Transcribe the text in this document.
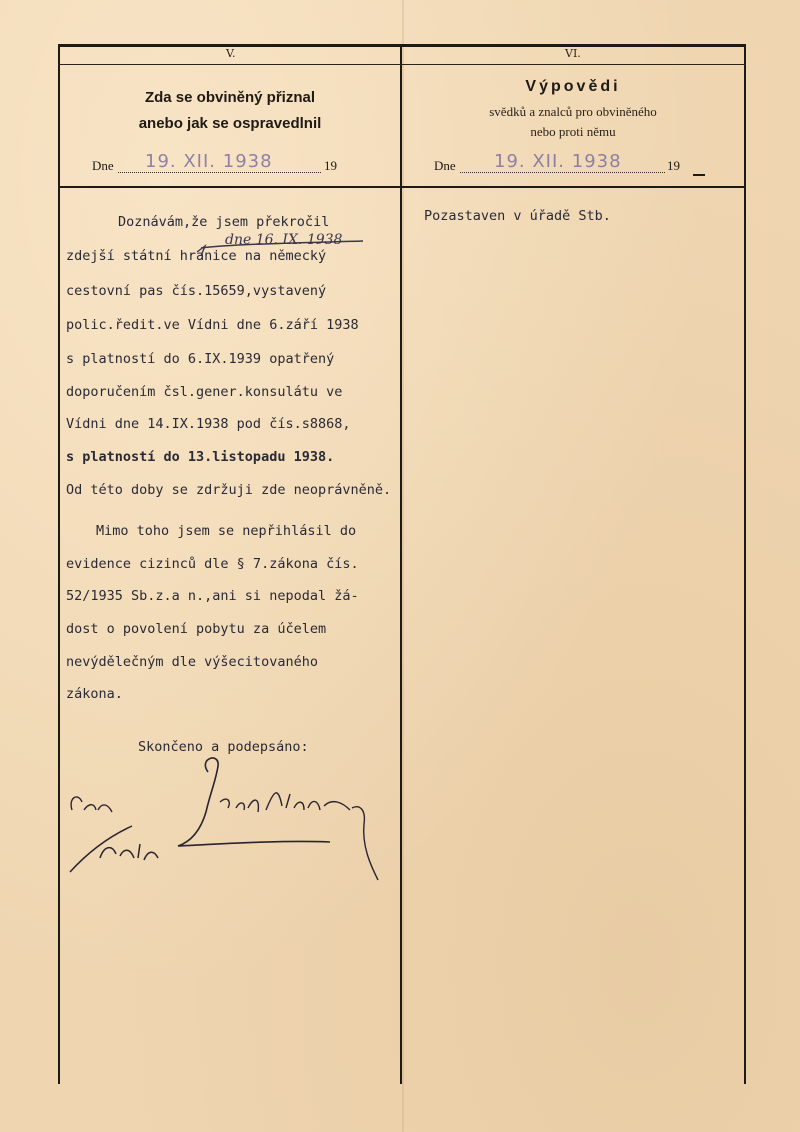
V.
Zda se obviněný přiznal
anebo jak se ospravedlnil
Dne 19. XII. 1938	19
VI.
Výpovědi
svědků a znalců pro obviněného
nebo proti němu
Dne 19. XII. 1938	19
Doznávám,že jsem překročil
zdejší státní hranice na německý
cestovní pas čís.15659,vystavený
polic.ředit.ve Vídni dne 6.září 1938
s platností do 6.IX.1939 opatřený
doporučením čsl.gener.konsulátu ve
Vídni dne 14.IX.1938 pod čís.s8868,
s platností do 13.listopadu 1938.
Od této doby se zdržuji zde neoprávněně.
Mimo toho jsem se nepřihlásil do
evidence cizinců dle § 7.zákona čís.
52/1935 Sb.z.a n.,ani si nepodal žá-
dost o povolení pobytu za účelem
nevýdělečným dle výšecitovaného
zákona.
Skončeno a podepsáno:
dne 16. IX. 1938
Pozastaven v úřadě Stb.
